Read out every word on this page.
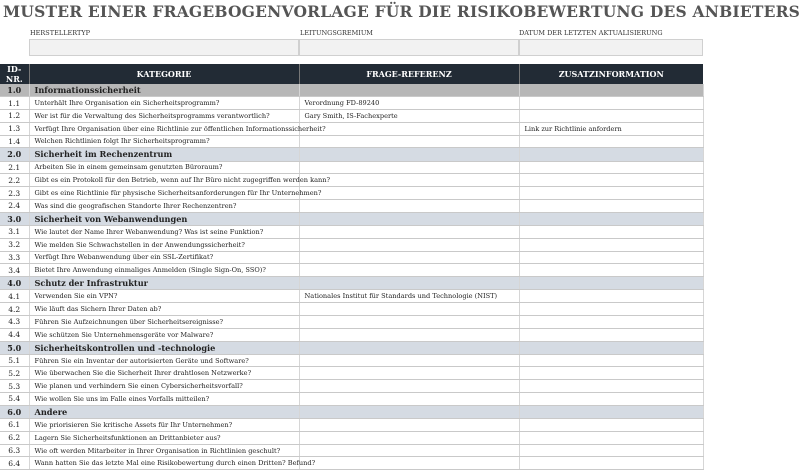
MUSTER EINER FRAGEBOGENVORLAGE FÜR DIE RISIKOBEWERTUNG DES ANBIETERS
HERSTELLERTYP	LEITUNGSGREMIUM	DATUM DER LETZTEN AKTUALISIERUNG
ID-NR.	KATEGORIE	FRAGE-REFERENZ	ZUSATZINFORMATION
1.0	Informationssicherheit		
1.1	Unterhält Ihre Organisation ein Sicherheitsprogramm?	Verordnung FD-89240	
1.2	Wer ist für die Verwaltung des Sicherheitsprogramms verantwortlich?	Gary Smith, IS-Fachexperte	
1.3	Verfügt Ihre Organisation über eine Richtlinie zur öffentlichen Informationssicherheit?		Link zur Richtlinie anfordern
1.4	Welchen Richtlinien folgt Ihr Sicherheitsprogramm?		
2.0	Sicherheit im Rechenzentrum		
2.1	Arbeiten Sie in einem gemeinsam genutzten Büroraum?		
2.2	Gibt es ein Protokoll für den Betrieb, wenn auf Ihr Büro nicht zugegriffen werden kann?		
2.3	Gibt es eine Richtlinie für physische Sicherheitsanforderungen für Ihr Unternehmen?		
2.4	Was sind die geografischen Standorte Ihrer Rechenzentren?		
3.0	Sicherheit von Webanwendungen		
3.1	Wie lautet der Name Ihrer Webanwendung? Was ist seine Funktion?		
3.2	Wie melden Sie Schwachstellen in der Anwendungssicherheit?		
3.3	Verfügt Ihre Webanwendung über ein SSL-Zertifikat?		
3.4	Bietet Ihre Anwendung einmaliges Anmelden (Single Sign-On, SSO)?		
4.0	Schutz der Infrastruktur		
4.1	Verwenden Sie ein VPN?	Nationales Institut für Standards und Technologie (NIST)	
4.2	Wie läuft das Sichern Ihrer Daten ab?		
4.3	Führen Sie Aufzeichnungen über Sicherheitsereignisse?		
4.4	Wie schützen Sie Unternehmensgeräte vor Malware?		
5.0	Sicherheitskontrollen und -technologie		
5.1	Führen Sie ein Inventar der autorisierten Geräte und Software?		
5.2	Wie überwachen Sie die Sicherheit Ihrer drahtlosen Netzwerke?		
5.3	Wie planen und verhindern Sie einen Cybersicherheitsvorfall?		
5.4	Wie wollen Sie uns im Falle eines Vorfalls mitteilen?		
6.0	Andere		
6.1	Wie priorisieren Sie kritische Assets für Ihr Unternehmen?		
6.2	Lagern Sie Sicherheitsfunktionen an Drittanbieter aus?		
6.3	Wie oft werden Mitarbeiter in Ihrer Organisation in Richtlinien geschult?		
6.4	Wann hatten Sie das letzte Mal eine Risikobewertung durch einen Dritten? Befund?		
